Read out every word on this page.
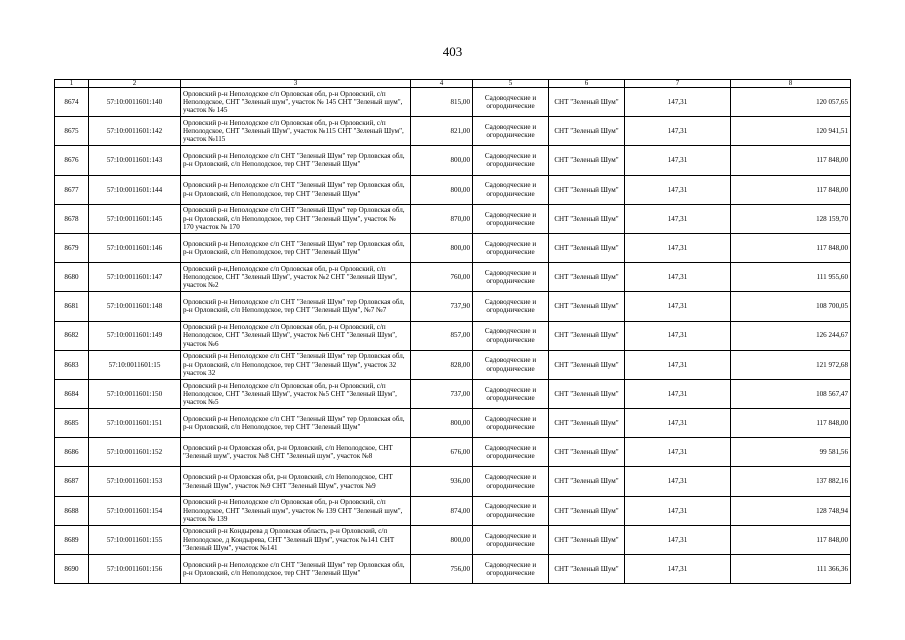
403
1	2	3	4	5	6	7	8
8674	57:10:0011601:140	Орловский р-н Неполодское с/п Орловская обл, р-н Орловский, с/п Неполодское, СНТ "Зеленый шум", участок № 145 СНТ "Зеленый шум", участок № 145	815,00	Садоводческие и огороднические	СНТ "Зеленый Шум"	147,31	120 057,65
8675	57:10:0011601:142	Орловский р-н Неполодское с/п Орловская обл, р-н Орловский, с/п Неполодское, СНТ "Зеленый Шум", участок №115 СНТ "Зеленый Шум", участок №115	821,00	Садоводческие и огороднические	СНТ "Зеленый Шум"	147,31	120 941,51
8676	57:10:0011601:143	Орловский р-н Неполодское с/п СНТ "Зеленый Шум" тер Орловская обл, р-н Орловский, с/п Неполодское, тер СНТ "Зеленый Шум"	800,00	Садоводческие и огороднические	СНТ "Зеленый Шум"	147,31	117 848,00
8677	57:10:0011601:144	Орловский р-н Неполодское с/п СНТ "Зеленый Шум" тер Орловская обл, р-н Орловский, с/п Неполодское, тер СНТ "Зеленый Шум"	800,00	Садоводческие и огороднические	СНТ "Зеленый Шум"	147,31	117 848,00
8678	57:10:0011601:145	Орловский р-н Неполодское с/п СНТ "Зеленый Шум" тер Орловская обл, р-н Орловский, с/п Неполодское, тер СНТ "Зеленый Шум", участок № 170 участок № 170	870,00	Садоводческие и огороднические	СНТ "Зеленый Шум"	147,31	128 159,70
8679	57:10:0011601:146	Орловский р-н Неполодское с/п СНТ "Зеленый Шум" тер Орловская обл, р-н Орловский, с/п Неполодское, тер СНТ "Зеленый Шум"	800,00	Садоводческие и огороднические	СНТ "Зеленый Шум"	147,31	117 848,00
8680	57:10:0011601:147	Орловский р-н,Неполодское с/п Орловская обл, р-н Орловский, с/п Неполодское, СНТ "Зеленый Шум", участок №2 СНТ "Зеленый Шум", участок №2	760,00	Садоводческие и огороднические	СНТ "Зеленый Шум"	147,31	111 955,60
8681	57:10:0011601:148	Орловский р-н Неполодское с/п СНТ "Зеленый Шум" тер Орловская обл, р-н Орловский, с/п Неполодское, тер СНТ "Зеленый Шум", №7 №7	737,90	Садоводческие и огороднические	СНТ "Зеленый Шум"	147,31	108 700,05
8682	57:10:0011601:149	Орловский р-н Неполодское с/п Орловская обл, р-н Орловский, с/п Неполодское, СНТ "Зеленый Шум", участок №6 СНТ "Зеленый Шум", участок №6	857,00	Садоводческие и огороднические	СНТ "Зеленый Шум"	147,31	126 244,67
8683	57:10:0011601:15	Орловский р-н Неполодское с/п СНТ "Зеленый Шум" тер Орловская обл, р-н Орловский, с/п Неполодское, тер СНТ "Зеленый Шум", участок 32 участок 32	828,00	Садоводческие и огороднические	СНТ "Зеленый Шум"	147,31	121 972,68
8684	57:10:0011601:150	Орловский р-н Неполодское с/п Орловская обл, р-н Орловский, с/п Неполодское, СНТ "Зеленый Шум", участок №5 СНТ "Зеленый Шум", участок №5	737,00	Садоводческие и огороднические	СНТ "Зеленый Шум"	147,31	108 567,47
8685	57:10:0011601:151	Орловский р-н Неполодское с/п СНТ "Зеленый Шум" тер Орловская обл, р-н Орловский, с/п Неполодское, тер СНТ "Зеленый Шум"	800,00	Садоводческие и огороднические	СНТ "Зеленый Шум"	147,31	117 848,00
8686	57:10:0011601:152	Орловский р-н Орловская обл, р-н Орловский, с/п Неполодское, СНТ "Зеленый шум", участок №8 СНТ "Зеленый шум", участок №8	676,00	Садоводческие и огороднические	СНТ "Зеленый Шум"	147,31	99 581,56
8687	57:10:0011601:153	Орловский р-н Орловская обл, р-н Орловский, с/п Неполодское, СНТ "Зеленый Шум", участок №9 СНТ "Зеленый Шум", участок №9	936,00	Садоводческие и огороднические	СНТ "Зеленый Шум"	147,31	137 882,16
8688	57:10:0011601:154	Орловский р-н Неполодское с/п Орловская обл, р-н Орловский, с/п Неполодское, СНТ "Зеленый шум", участок № 139 СНТ "Зеленый шум", участок № 139	874,00	Садоводческие и огороднические	СНТ "Зеленый Шум"	147,31	128 748,94
8689	57:10:0011601:155	Орловский р-н Кондырева д Орловская область, р-н Орловский, с/п Неполодское, д Кондырева, СНТ "Зеленый Шум", участок №141 СНТ "Зеленый Шум", участок №141	800,00	Садоводческие и огороднические	СНТ "Зеленый Шум"	147,31	117 848,00
8690	57:10:0011601:156	Орловский р-н Неполодское с/п СНТ "Зеленый Шум" тер Орловская обл, р-н Орловский, с/п Неполодское, тер СНТ "Зеленый Шум"	756,00	Садоводческие и огороднические	СНТ "Зеленый Шум"	147,31	111 366,36
